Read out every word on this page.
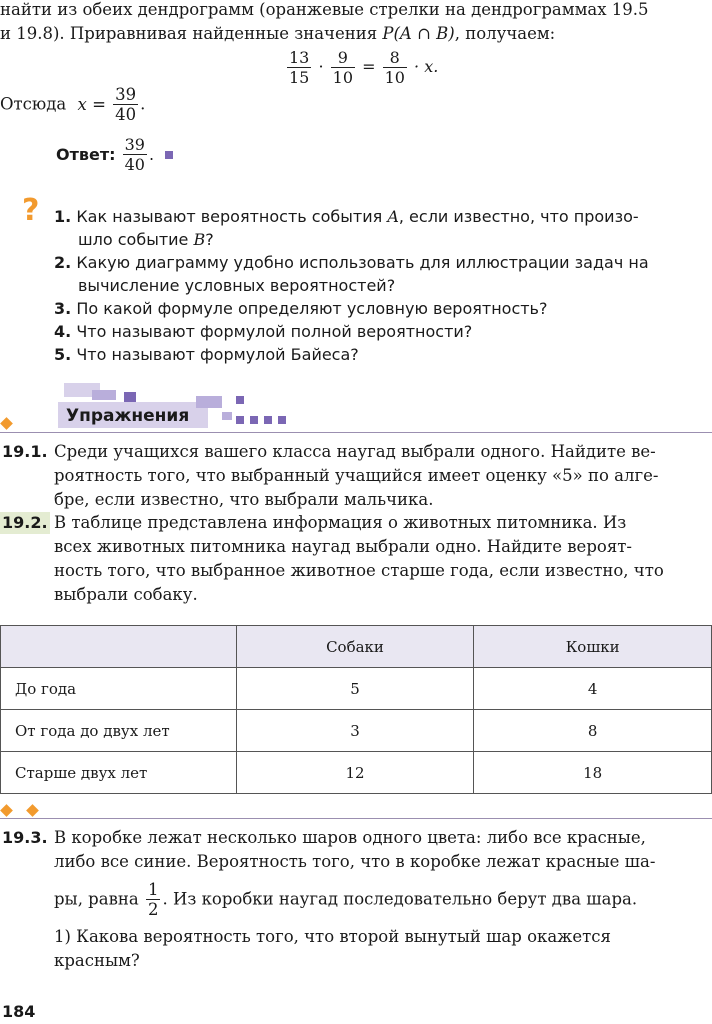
найти из обеих дендрограмм (оранжевые стрелки на дендрограммах 19.5
и 19.8). Приравнивая найденные значения P(A ∩ B), получаем:
$\frac{13}{15} \cdot \frac{9}{10} = \frac{8}{10} \cdot x$.
Отсюда $x = \frac{39}{40}$ .
Ответ: $\frac{39}{40}$ .
? 1. Как называют вероятность события A, если известно, что произо-
шло событие B?
2. Какую диаграмму удобно использовать для иллюстрации задач на
вычисление условных вероятностей?
3. По какой формуле определяют условную вероятность?
4. Что называют формулой полной вероятности?
5. Что называют формулой Байеса?
Упражнения
19.1. Среди учащихся вашего класса наугад выбрали одного. Найдите ве-
роятность того, что выбранный учащийся имеет оценку «5» по алге-
бре, если известно, что выбрали мальчика.
19.2. В таблице представлена информация о животных питомника. Из
всех животных питомника наугад выбрали одно. Найдите вероят-
ность того, что выбранное животное старше года, если известно, что
выбрали собаку.
	Собаки	Кошки
До года	5	4
От года до двух лет	3	8
Старше двух лет	12	18
19.3. В коробке лежат несколько шаров одного цвета: либо все красные,
либо все синие. Вероятность того, что в коробке лежат красные ша-
ры, равна $\frac{1}{2}$ . Из коробки наугад последовательно берут два шара.
1) Какова вероятность того, что второй вынутый шар окажется
красным?
184
